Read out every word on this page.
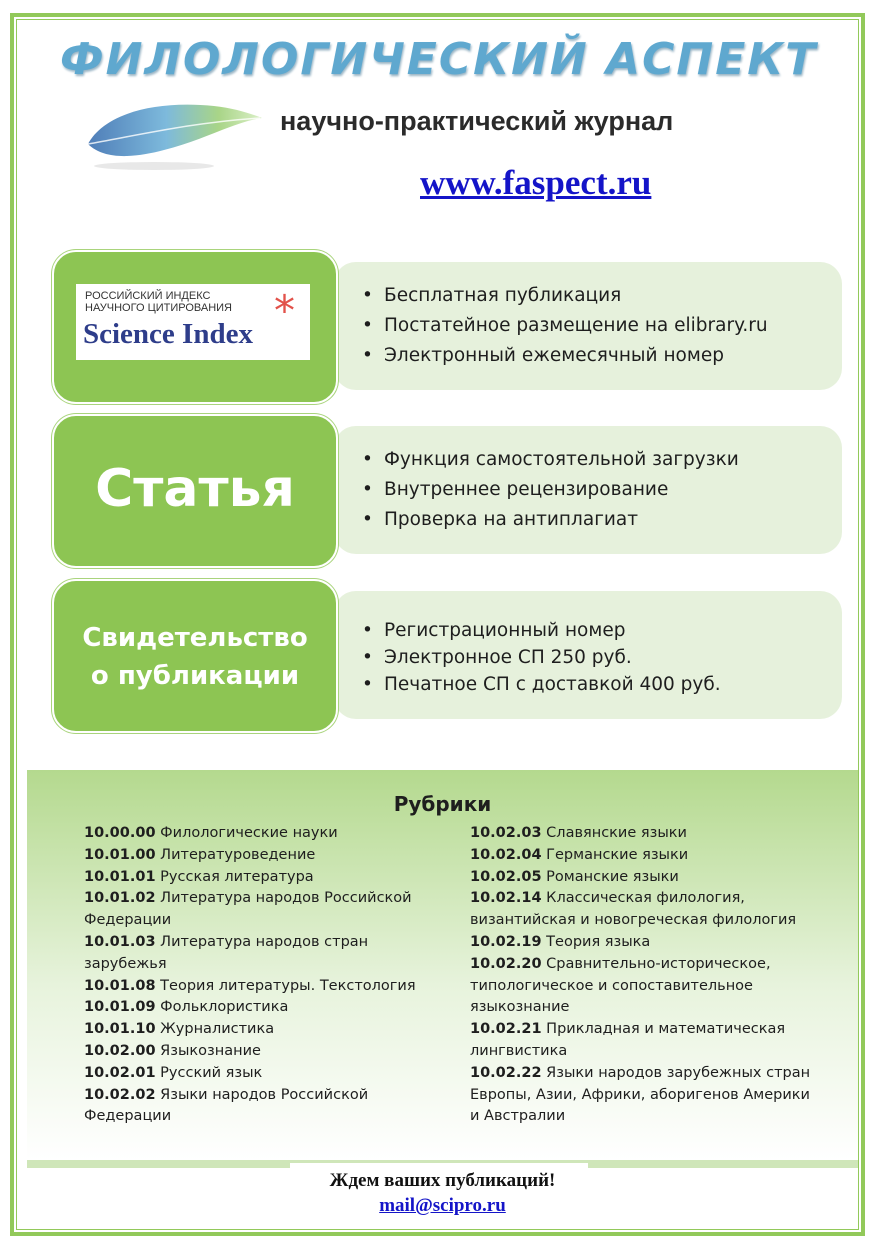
ФИЛОЛОГИЧЕСКИЙ АСПЕКТ
научно-практический журнал
www.faspect.ru
РОССИЙСКИЙ ИНДЕКС
НАУЧНОГО ЦИТИРОВАНИЯ
Science Index *	• Бесплатная публикация
• Постатейное размещение на elibrary.ru
• Электронный ежемесячный номер
Статья	• Функция самостоятельной загрузки
• Внутреннее рецензирование
• Проверка на антиплагиат
Свидетельство
о публикации
• Регистрационный номер
• Электронное СП 250 руб.
• Печатное СП с доставкой 400 руб.
Рубрики
10.00.00 Филологические науки
10.01.00 Литературоведение
10.01.01 Русская литература
10.01.02 Литература народов Российской Федерации
10.01.03 Литература народов стран зарубежья
10.01.08 Теория литературы. Текстология
10.01.09 Фольклористика
10.01.10 Журналистика
10.02.00 Языкознание
10.02.01 Русский язык
10.02.02 Языки народов Российской Федерации
10.02.03 Славянские языки
10.02.04 Германские языки
10.02.05 Романские языки
10.02.14 Классическая филология, византийская и новогреческая филология
10.02.19 Теория языка
10.02.20 Сравнительно-историческое, типологическое и сопоставительное языкознание
10.02.21 Прикладная и математическая лингвистика
10.02.22 Языки народов зарубежных стран Европы, Азии, Африки, аборигенов Америки и Австралии
Ждем ваших публикаций!
mail@scipro.ru
